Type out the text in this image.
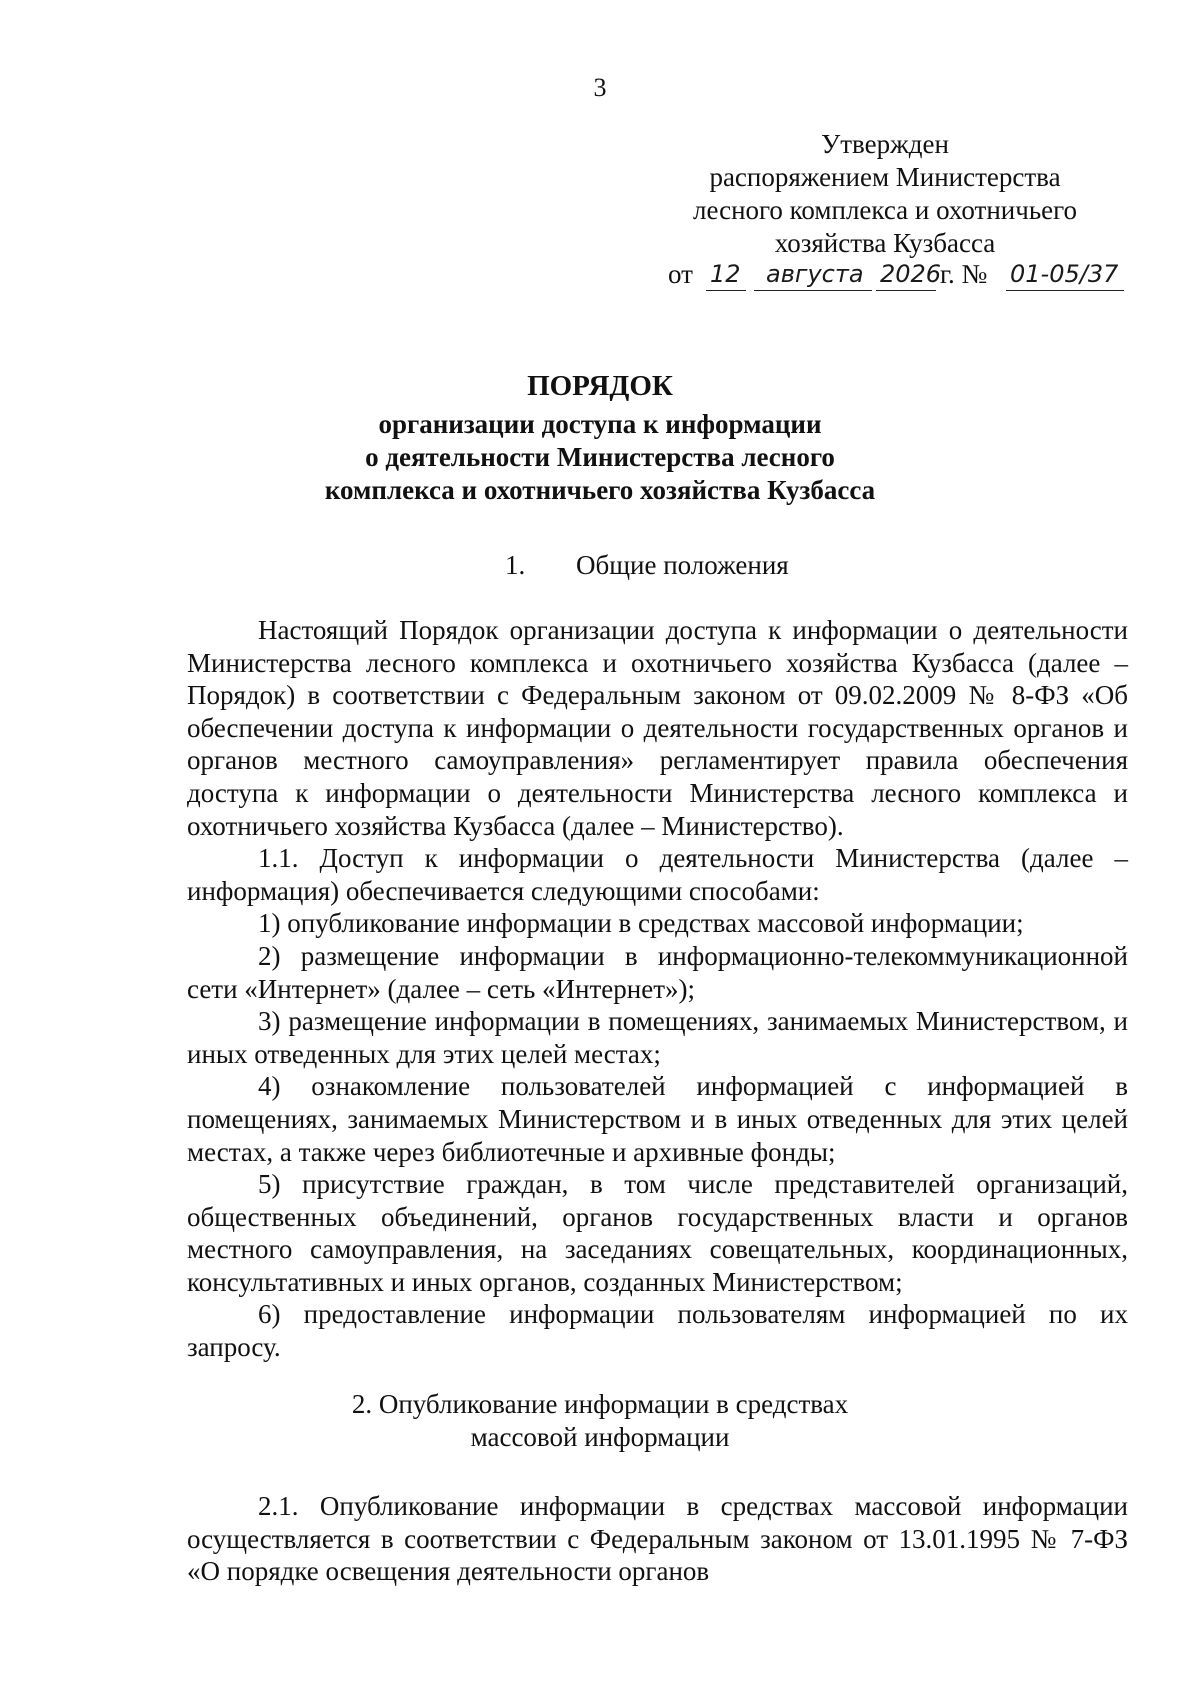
3
Утвержден
распоряжением Министерства
лесного комплекса и охотничьего
хозяйства Кузбасса
от 12 августа 2026
г. № 01-05/37
ПОРЯДОК
организации доступа к информации
о деятельности Министерства лесного
комплекса и охотничьего хозяйства Кузбасса
1. Общие положения

Настоящий Порядок организации доступа к информации о деятельности Министерства лесного комплекса и охотничьего хозяйства Кузбасса (далее – Порядок) в соответствии с Федеральным законом от 09.02.2009 № 8-ФЗ «Об обеспечении доступа к информации о деятельности государственных органов и органов местного самоуправления» регламентирует правила обеспечения доступа к информации о деятельности Министерства лесного комплекса и охотничьего хозяйства Кузбасса (далее – Министерство).

1.1. Доступ к информации о деятельности Министерства (далее – информация) обеспечивается следующими способами:

1) опубликование информации в средствах массовой информации;

2) размещение информации в информационно-телекоммуникационной сети «Интернет» (далее – сеть «Интернет»);

3) размещение информации в помещениях, занимаемых Министерством, и иных отведенных для этих целей местах;

4) ознакомление пользователей информацией с информацией в помещениях, занимаемых Министерством и в иных отведенных для этих целей местах, а также через библиотечные и архивные фонды;

5) присутствие граждан, в том числе представителей организаций, общественных объединений, органов государственных власти и органов местного самоуправления, на заседаниях совещательных, координационных, консультативных и иных органов, созданных Министерством;

6) предоставление информации пользователям информацией по их запросу.

2. Опубликование информации в средствах
массовой информации

2.1. Опубликование информации в средствах массовой информации осуществляется в соответствии с Федеральным законом от 13.01.1995 № 7-ФЗ «О порядке освещения деятельности органов
